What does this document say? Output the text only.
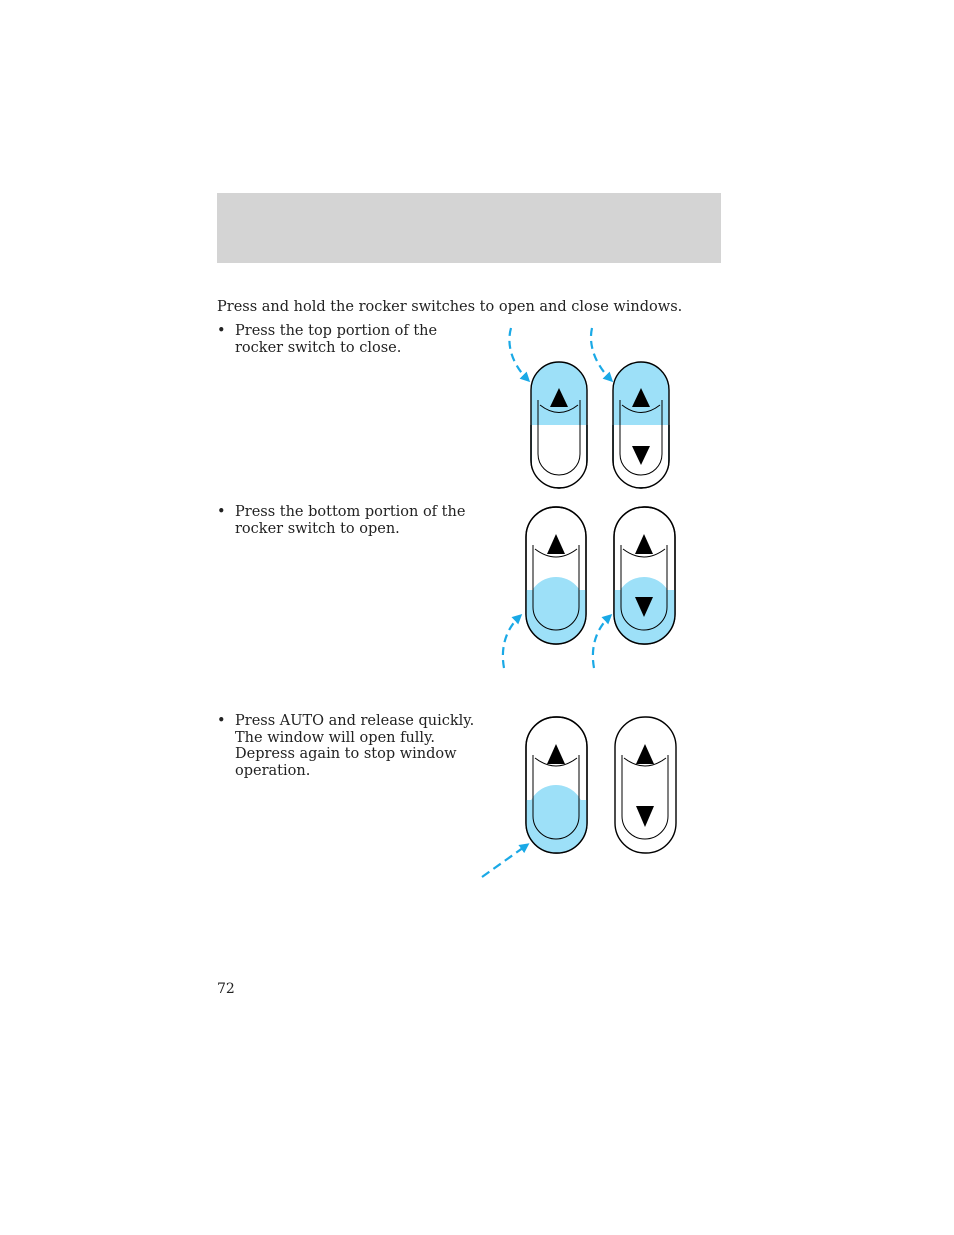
Press and hold the rocker switches to open and close windows.
• Press the top portion of the
rocker switch to close.
• Press the bottom portion of the
rocker switch to open.
• Press AUTO and release quickly.
The window will open fully.
Depress again to stop window
operation.
72
